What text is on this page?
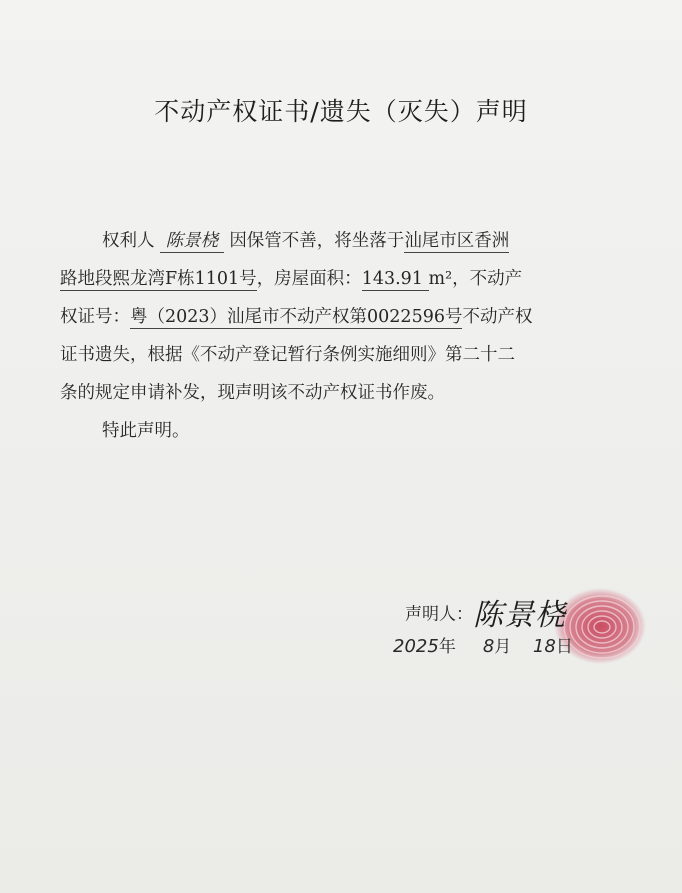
不动产权证书/遗失（灭失）声明
权利人 陈景桡 因保管不善，将坐落于汕尾市区香洲
路地段熙龙湾F栋1101号，房屋面积：143.91 m²，不动产
权证号：粤（2023）汕尾市不动产权第0022596号不动产权
证书遗失，根据《不动产登记暂行条例实施细则》第二十二
条的规定申请补发，现声明该不动产权证书作废。
特此声明。
声明人：陈景桡
2025年 8月 18日
